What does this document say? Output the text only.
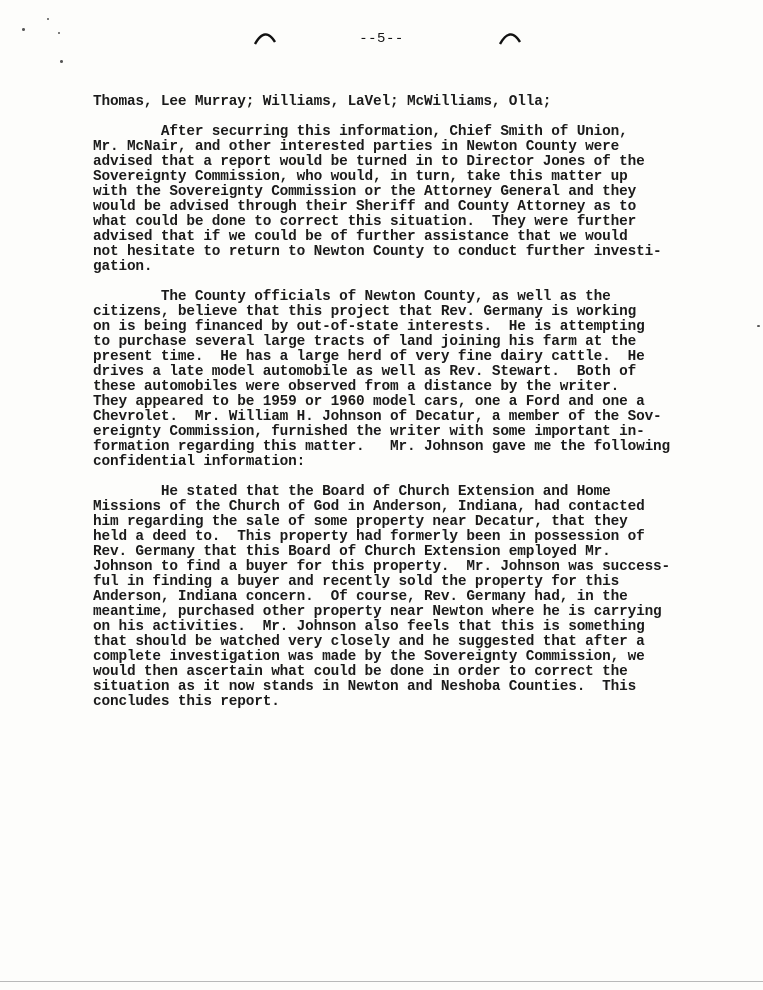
--5--
Thomas, Lee Murray; Williams, LaVel; McWilliams, Olla;
After securring this information, Chief Smith of Union,
Mr. McNair, and other interested parties in Newton County were
advised that a report would be turned in to Director Jones of the
Sovereignty Commission, who would, in turn, take this matter up
with the Sovereignty Commission or the Attorney General and they
would be advised through their Sheriff and County Attorney as to
what could be done to correct this situation.  They were further
advised that if we could be of further assistance that we would
not hesitate to return to Newton County to conduct further investi-
gation.
The County officials of Newton County, as well as the
citizens, believe that this project that Rev. Germany is working
on is being financed by out-of-state interests.  He is attempting
to purchase several large tracts of land joining his farm at the
present time.  He has a large herd of very fine dairy cattle.  He
drives a late model automobile as well as Rev. Stewart.  Both of
these automobiles were observed from a distance by the writer.
They appeared to be 1959 or 1960 model cars, one a Ford and one a
Chevrolet.  Mr. William H. Johnson of Decatur, a member of the Sov-
ereignty Commission, furnished the writer with some important in-
formation regarding this matter.   Mr. Johnson gave me the following
confidential information:
He stated that the Board of Church Extension and Home
Missions of the Church of God in Anderson, Indiana, had contacted
him regarding the sale of some property near Decatur, that they
held a deed to.  This property had formerly been in possession of
Rev. Germany that this Board of Church Extension employed Mr.
Johnson to find a buyer for this property.  Mr. Johnson was success-
ful in finding a buyer and recently sold the property for this
Anderson, Indiana concern.  Of course, Rev. Germany had, in the
meantime, purchased other property near Newton where he is carrying
on his activities.  Mr. Johnson also feels that this is something
that should be watched very closely and he suggested that after a
complete investigation was made by the Sovereignty Commission, we
would then ascertain what could be done in order to correct the
situation as it now stands in Newton and Neshoba Counties.  This
concludes this report.
